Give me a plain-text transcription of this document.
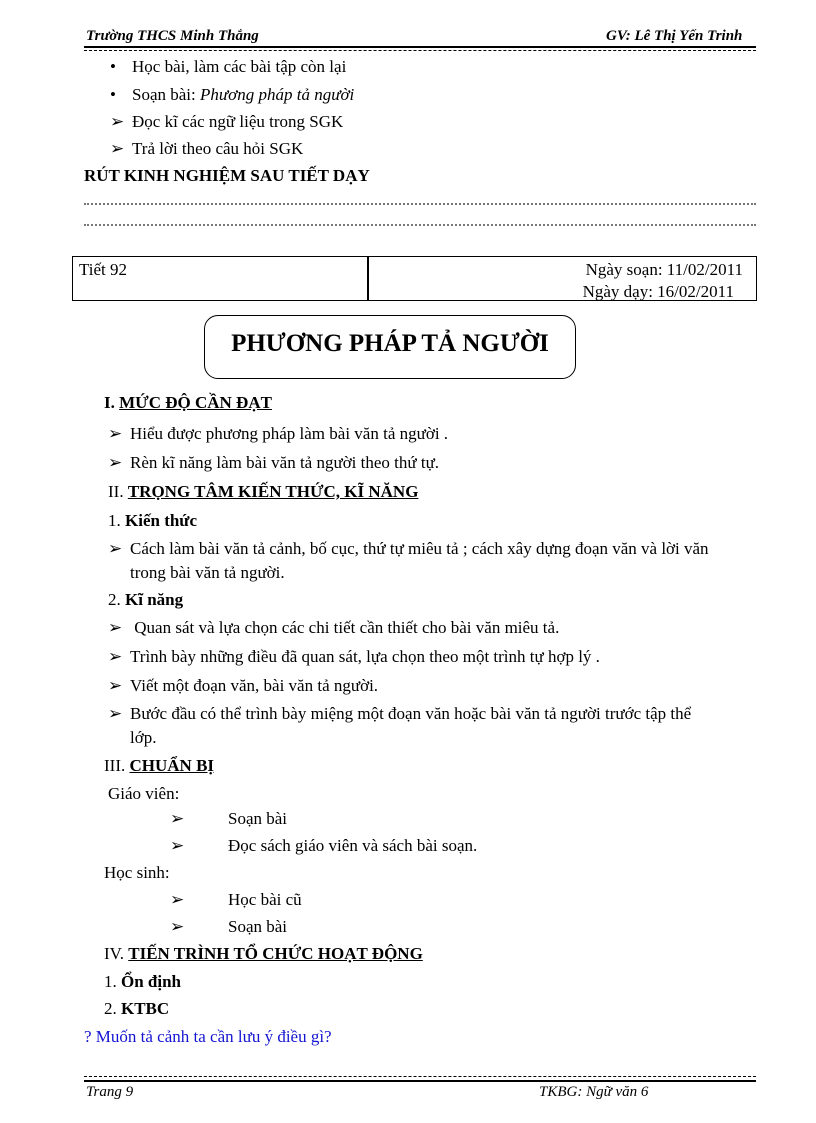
Trường THCS Minh Thắng	GV: Lê Thị Yến Trinh
• Học bài, làm các bài tập còn lại
• Soạn bài: Phương pháp tả người
➢ Đọc kĩ các ngữ liệu trong SGK
➢ Trả lời theo câu hỏi SGK
RÚT KINH NGHIỆM SAU TIẾT DẠY
Tiết 92	Ngày soạn: 11/02/2011
Ngày dạy: 16/02/2011
PHƯƠNG PHÁP TẢ NGƯỜI
I. MỨC ĐỘ CẦN ĐẠT
➢ Hiểu được phương pháp làm bài văn tả người .
➢ Rèn kĩ năng làm bài văn tả người theo thứ tự.
II. TRỌNG TÂM KIẾN THỨC, KĨ NĂNG
1. Kiến thức
➢ Cách làm bài văn tả cảnh, bố cục, thứ tự miêu tả ; cách xây dựng đoạn văn và lời văn
trong bài văn tả người.
2. Kĩ năng
➢ Quan sát và lựa chọn các chi tiết cần thiết cho bài văn miêu tả.
➢ Trình bày những điều đã quan sát, lựa chọn theo một trình tự hợp lý .
➢ Viết một đoạn văn, bài văn tả người.
➢ Bước đầu có thể trình bày miệng một đoạn văn hoặc bài văn tả người trước tập thể
lớp.
III. CHUẨN BỊ
Giáo viên:
➢	Soạn bài
➢	Đọc sách giáo viên và sách bài soạn.
Học sinh:
➢	Học bài cũ
➢	Soạn bài
IV. TIẾN TRÌNH TỔ CHỨC HOẠT ĐỘNG
1. Ổn định
2. KTBC
? Muốn tả cảnh ta cần lưu ý điều gì?
Trang 9	TKBG: Ngữ văn 6
